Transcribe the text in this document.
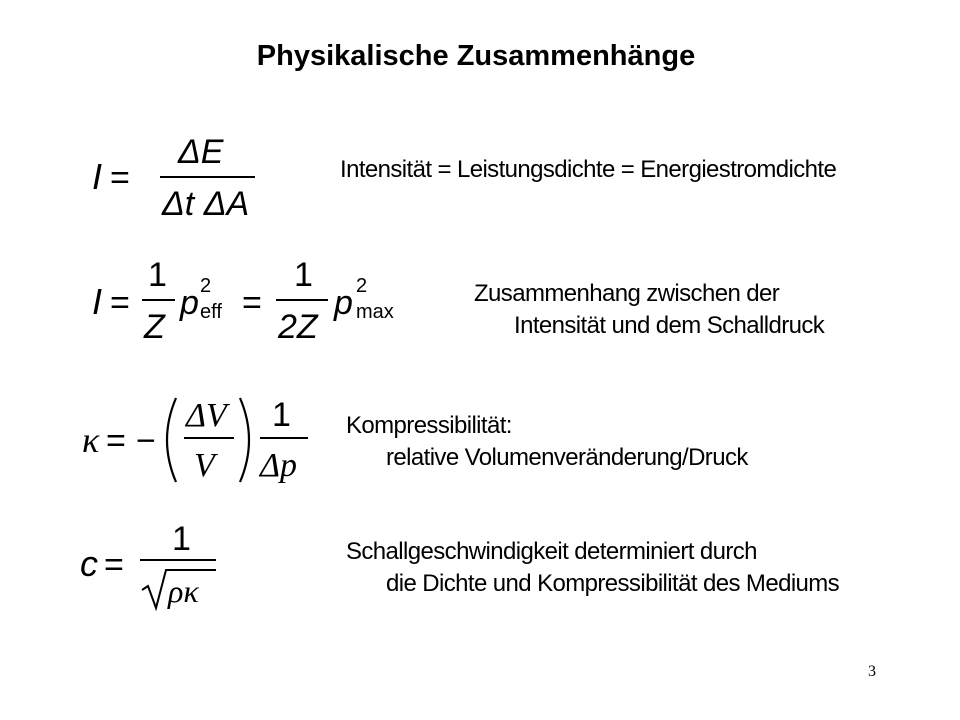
Physikalische Zusammenhänge
I =
ΔE
Δt ΔA
Intensität = Leistungsdichte = Energiestromdichte
I =
1
Z
p 2
eff =
1
2Z
p 2
max
Zusammenhang zwischen der
Intensität und dem Schalldruck
κ = −
ΔV
V
1
Δp
Kompressibilität:
relative Volumenveränderung/Druck
c =
1
ρκ
Schallgeschwindigkeit determiniert durch
die Dichte und Kompressibilität des Mediums
3
